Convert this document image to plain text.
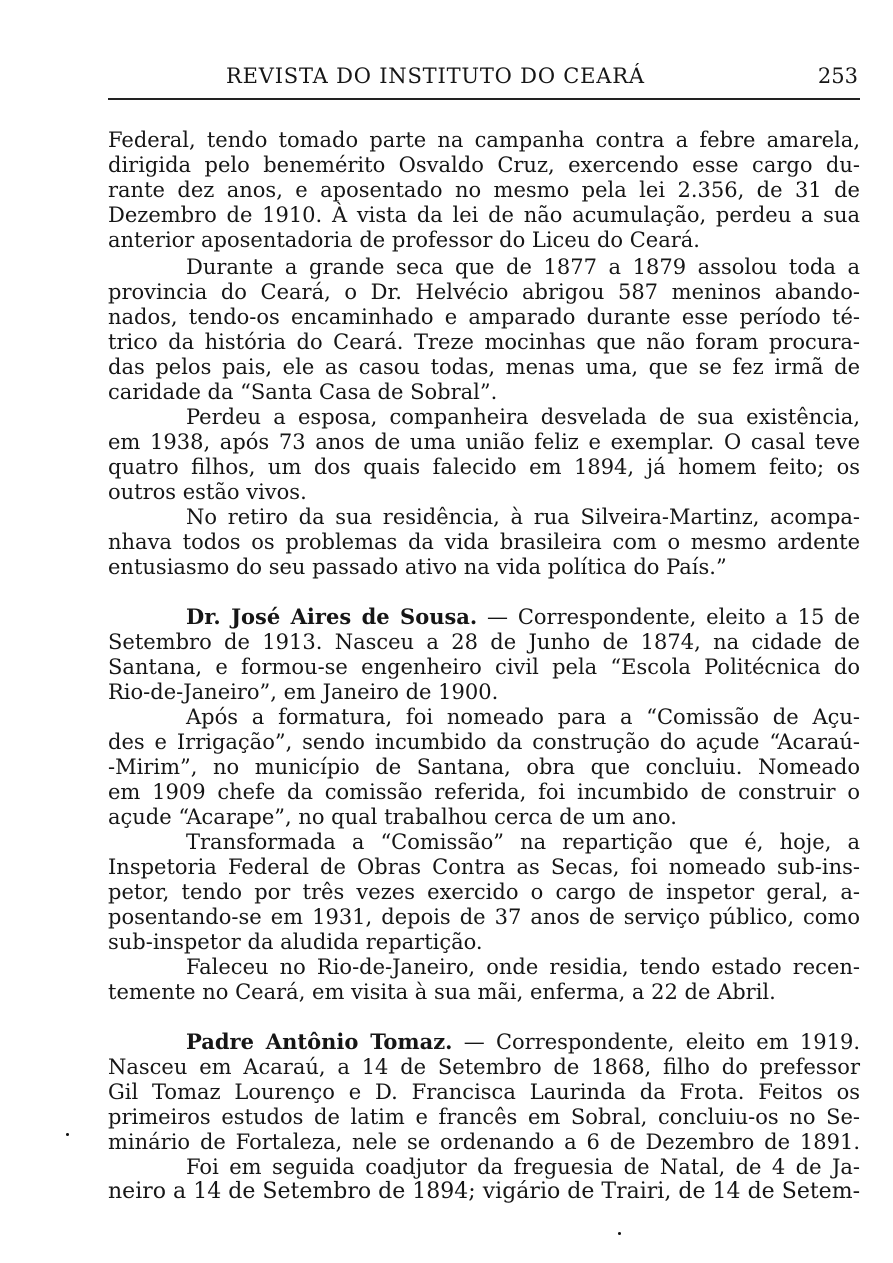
REVISTA DO INSTITUTO DO CEARÁ	253
Federal, tendo tomado parte na campanha contra a febre amarela,
dirigida pelo benemérito Osvaldo Cruz, exercendo esse cargo du-
rante dez anos, e aposentado no mesmo pela lei 2.356, de 31 de
Dezembro de 1910. À vista da lei de não acumulação, perdeu a sua
anterior aposentadoria de professor do Liceu do Ceará.
Durante a grande seca que de 1877 a 1879 assolou toda a
provincia do Ceará, o Dr. Helvécio abrigou 587 meninos abando-
nados, tendo-os encaminhado e amparado durante esse período té-
trico da história do Ceará. Treze mocinhas que não foram procura-
das pelos pais, ele as casou todas, menas uma, que se fez irmã de
caridade da “Santa Casa de Sobral”.
Perdeu a esposa, companheira desvelada de sua existência,
em 1938, após 73 anos de uma união feliz e exemplar. O casal teve
quatro filhos, um dos quais falecido em 1894, já homem feito; os
outros estão vivos.
No retiro da sua residência, à rua Silveira-Martinz, acompa-
nhava todos os problemas da vida brasileira com o mesmo ardente
entusiasmo do seu passado ativo na vida política do País.”
Dr. José Aires de Sousa. — Correspondente, eleito a 15 de
Setembro de 1913. Nasceu a 28 de Junho de 1874, na cidade de
Santana, e formou-se engenheiro civil pela “Escola Politécnica do
Rio-de-Janeiro”, em Janeiro de 1900.
Após a formatura, foi nomeado para a “Comissão de Açu-
des e Irrigação”, sendo incumbido da construção do açude “Acaraú-
-Mirim”, no município de Santana, obra que concluiu. Nomeado
em 1909 chefe da comissão referida, foi incumbido de construir o
açude “Acarape”, no qual trabalhou cerca de um ano.
Transformada a “Comissão” na repartição que é, hoje, a
Inspetoria Federal de Obras Contra as Secas, foi nomeado sub-ins-
petor, tendo por três vezes exercido o cargo de inspetor geral, a-
posentando-se em 1931, depois de 37 anos de serviço público, como
sub-inspetor da aludida repartição.
Faleceu no Rio-de-Janeiro, onde residia, tendo estado recen-
temente no Ceará, em visita à sua mãi, enferma, a 22 de Abril.
Padre Antônio Tomaz. — Correspondente, eleito em 1919.
Nasceu em Acaraú, a 14 de Setembro de 1868, filho do prefessor
Gil Tomaz Lourenço e D. Francisca Laurinda da Frota. Feitos os
primeiros estudos de latim e francês em Sobral, concluiu-os no Se-
minário de Fortaleza, nele se ordenando a 6 de Dezembro de 1891.
Foi em seguida coadjutor da freguesia de Natal, de 4 de Ja-
neiro a 14 de Setembro de 1894; vigário de Trairi, de 14 de Setem-
